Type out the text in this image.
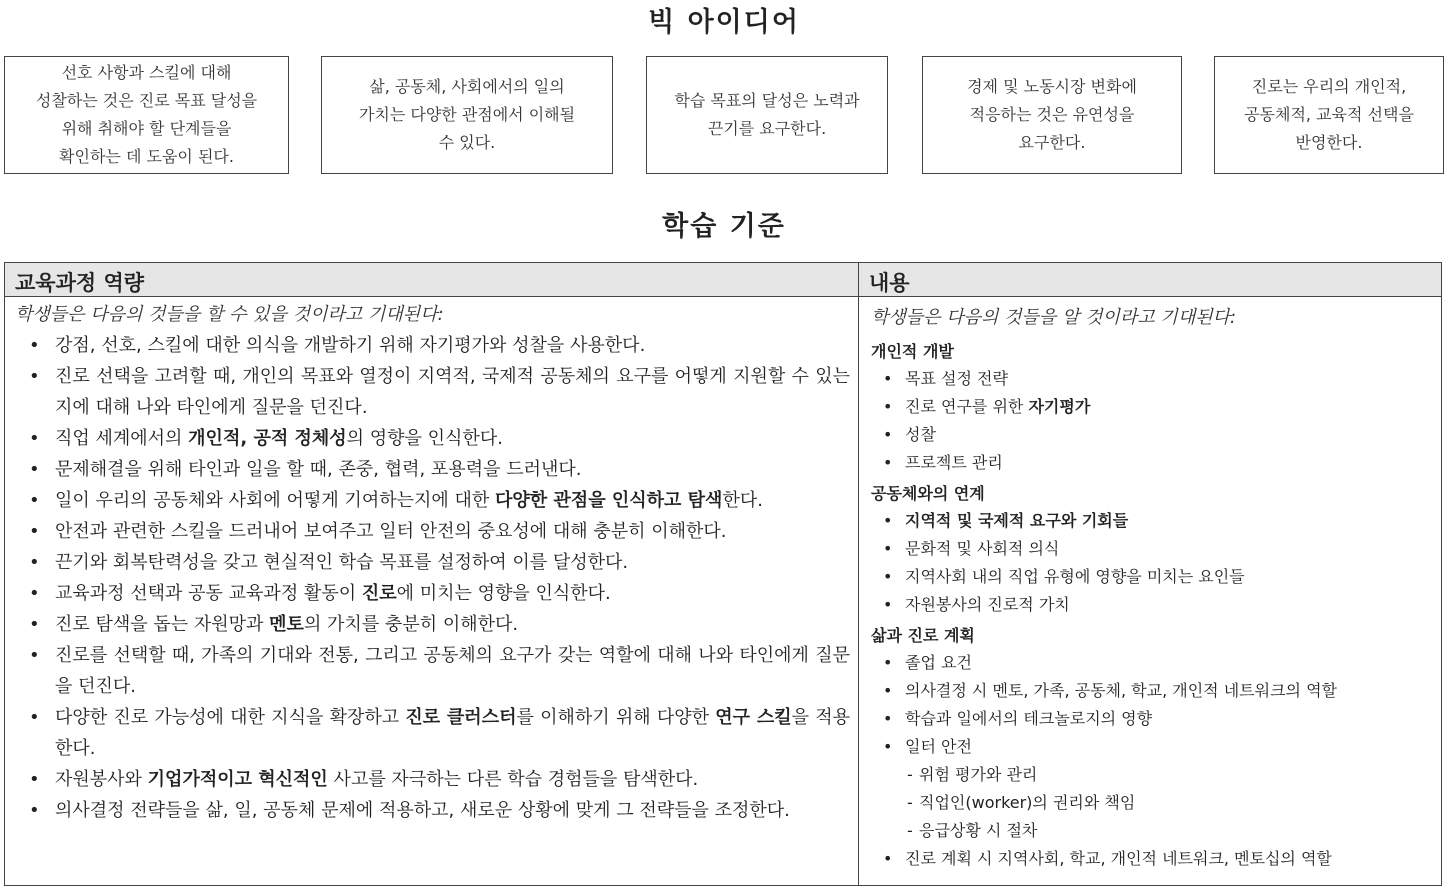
빅 아이디어
선호 사항과 스킬에 대해
성찰하는 것은 진로 목표 달성을
위해 취해야 할 단계들을
확인하는 데 도움이 된다.
삶, 공동체, 사회에서의 일의
가치는 다양한 관점에서 이해될
수 있다.
학습 목표의 달성은 노력과
끈기를 요구한다.
경제 및 노동시장 변화에
적응하는 것은 유연성을
요구한다.
진로는 우리의 개인적,
공동체적, 교육적 선택을
반영한다.
학습 기준
교육과정 역량
학생들은 다음의 것들을 할 수 있을 것이라고 기대된다:
• 강점, 선호, 스킬에 대한 의식을 개발하기 위해 자기평가와 성찰을 사용한다.
• 진로 선택을 고려할 때, 개인의 목표와 열정이 지역적, 국제적 공동체의 요구를 어떻게 지원할 수 있는지에 대해 나와 타인에게 질문을 던진다.
• 직업 세계에서의 개인적, 공적 정체성의 영향을 인식한다.
• 문제해결을 위해 타인과 일을 할 때, 존중, 협력, 포용력을 드러낸다.
• 일이 우리의 공동체와 사회에 어떻게 기여하는지에 대한 다양한 관점을 인식하고 탐색한다.
• 안전과 관련한 스킬을 드러내어 보여주고 일터 안전의 중요성에 대해 충분히 이해한다.
• 끈기와 회복탄력성을 갖고 현실적인 학습 목표를 설정하여 이를 달성한다.
• 교육과정 선택과 공동 교육과정 활동이 진로에 미치는 영향을 인식한다.
• 진로 탐색을 돕는 자원망과 멘토의 가치를 충분히 이해한다.
• 진로를 선택할 때, 가족의 기대와 전통, 그리고 공동체의 요구가 갖는 역할에 대해 나와 타인에게 질문을 던진다.
• 다양한 진로 가능성에 대한 지식을 확장하고 진로 클러스터를 이해하기 위해 다양한 연구 스킬을 적용한다.
• 자원봉사와 기업가적이고 혁신적인 사고를 자극하는 다른 학습 경험들을 탐색한다.
• 의사결정 전략들을 삶, 일, 공동체 문제에 적용하고, 새로운 상황에 맞게 그 전략들을 조정한다.
내용
학생들은 다음의 것들을 알 것이라고 기대된다:
개인적 개발
• 목표 설정 전략
• 진로 연구를 위한 자기평가
• 성찰
• 프로젝트 관리
공동체와의 연계
• 지역적 및 국제적 요구와 기회들
• 문화적 및 사회적 의식
• 지역사회 내의 직업 유형에 영향을 미치는 요인들
• 자원봉사의 진로적 가치
삶과 진로 계획
• 졸업 요건
• 의사결정 시 멘토, 가족, 공동체, 학교, 개인적 네트워크의 역할
• 학습과 일에서의 테크놀로지의 영향
• 일터 안전
- 위험 평가와 관리
- 직업인(worker)의 권리와 책임
- 응급상황 시 절차
• 진로 계획 시 지역사회, 학교, 개인적 네트워크, 멘토십의 역할
